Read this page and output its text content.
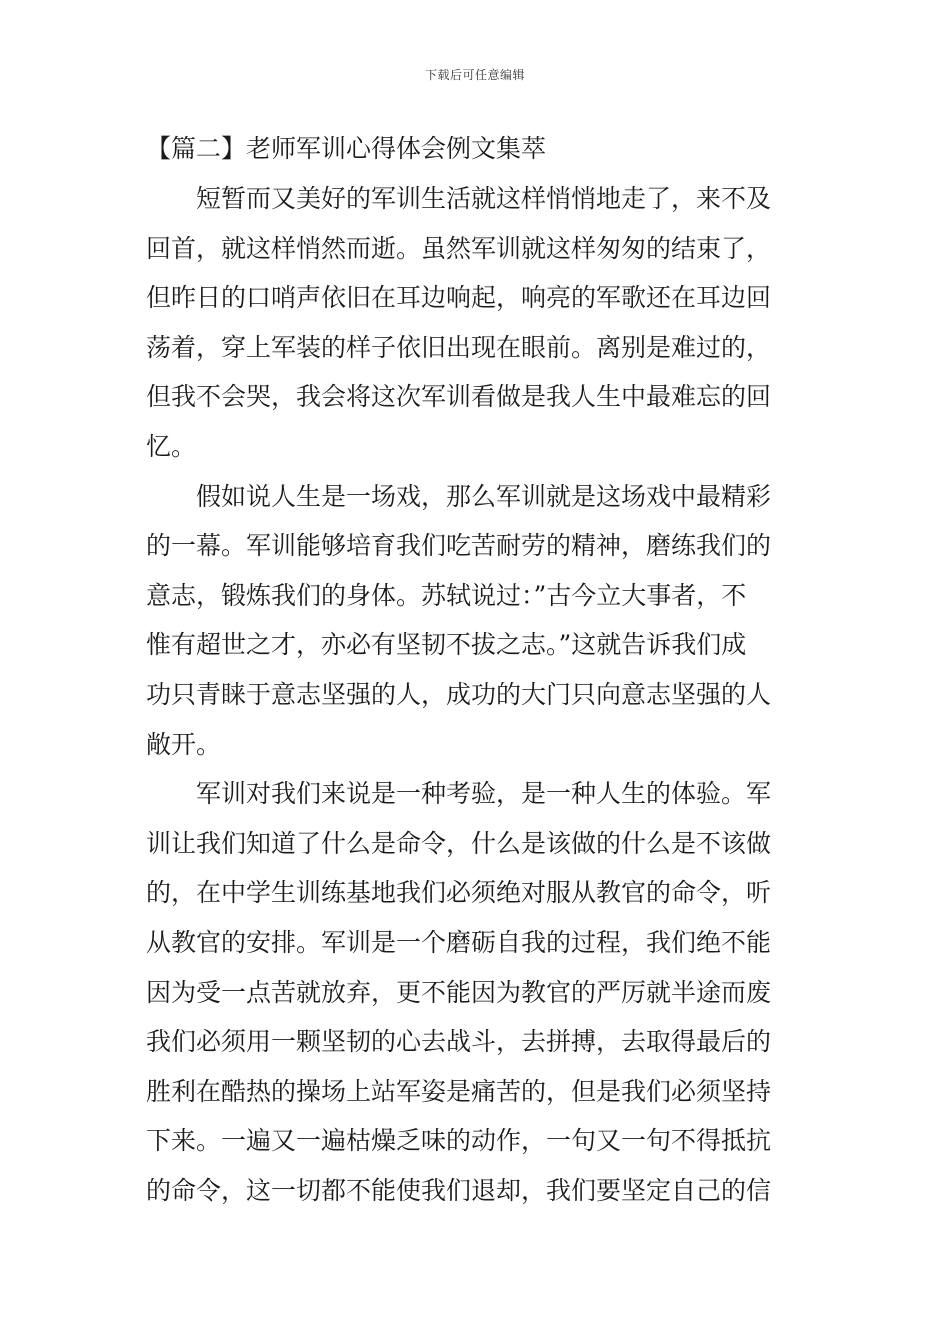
下载后可任意编辑

【篇二】老师军训心得体会例文集萃

短暂而又美好的军训生活就这样悄悄地走了，来不及
回首，就这样悄然而逝。虽然军训就这样匆匆的结束了，
但昨日的口哨声依旧在耳边响起，响亮的军歌还在耳边回
荡着，穿上军装的样子依旧出现在眼前。离别是难过的，
但我不会哭，我会将这次军训看做是我人生中最难忘的回
忆。
假如说人生是一场戏，那么军训就是这场戏中最精彩
的一幕。军训能够培育我们吃苦耐劳的精神，磨练我们的
意志，锻炼我们的身体。苏轼说过：”古今立大事者，不
惟有超世之才，亦必有坚韧不拔之志。”这就告诉我们成
功只青睐于意志坚强的人，成功的大门只向意志坚强的人
敞开。
军训对我们来说是一种考验，是一种人生的体验。军
训让我们知道了什么是命令，什么是该做的什么是不该做
的，在中学生训练基地我们必须绝对服从教官的命令，听
从教官的安排。军训是一个磨砺自我的过程，我们绝不能
因为受一点苦就放弃，更不能因为教官的严厉就半途而废
我们必须用一颗坚韧的心去战斗，去拼搏，去取得最后的
胜利在酷热的操场上站军姿是痛苦的，但是我们必须坚持
下来。一遍又一遍枯燥乏味的动作，一句又一句不得抵抗
的命令，这一切都不能使我们退却，我们要坚定自己的信
